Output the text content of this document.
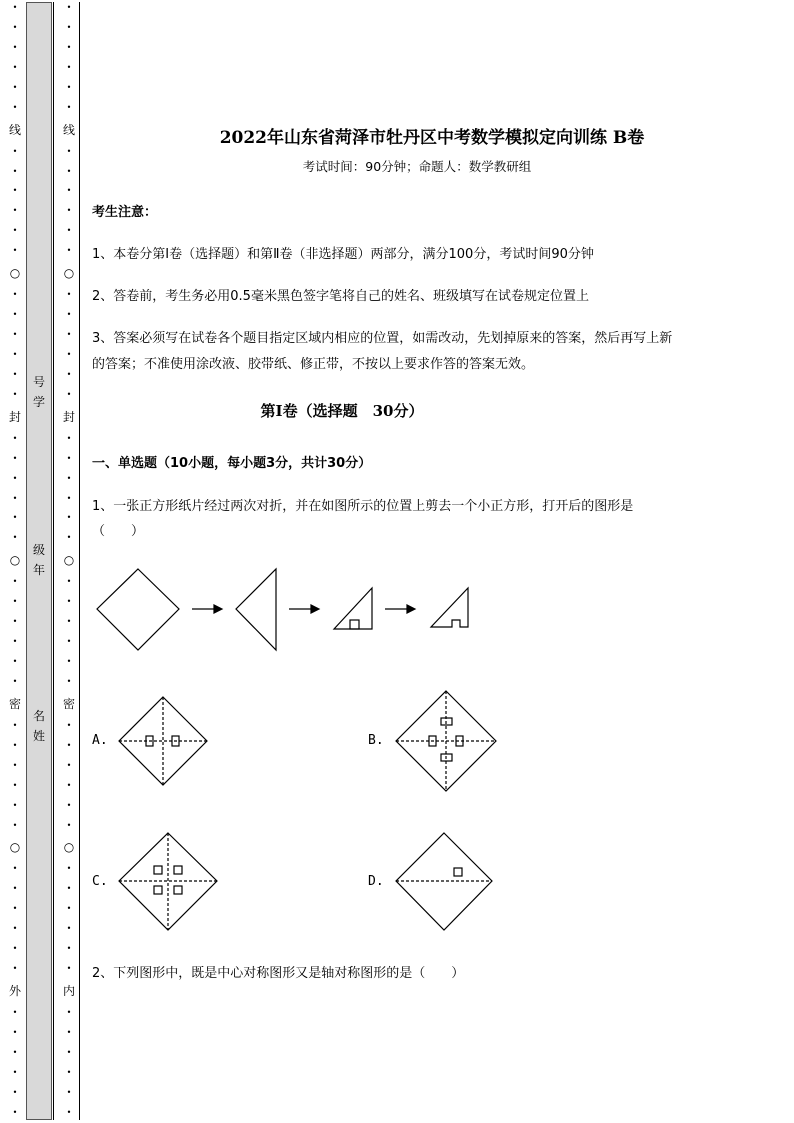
•
•
•
•
•
•
线
•
•
•
•
•
•
○
•
•
•
•
•
•
封
•
•
•
•
•
•
○
•
•
•
•
•
•
密
•
•
•
•
•
•
○
•
•
•
•
•
•
外
•
•
•
•
•
•
•
•
•
•
•
•
线
•
•
•
•
•
•
○
•
•
•
•
•
•
封
•
•
•
•
•
•
○
•
•
•
•
•
•
密
•
•
•
•
•
•
○
•
•
•
•
•
•
内
•
•
•
•
•
•
号
学
级
年
名
姓
2022年山东省菏泽市牡丹区中考数学模拟定向训练 B卷
考试时间：90分钟；命题人：数学教研组
考生注意：
1、本卷分第Ⅰ卷（选择题）和第Ⅱ卷（非选择题）两部分，满分100分，考试时间90分钟
2、答卷前，考生务必用0.5毫米黑色签字笔将自己的姓名、班级填写在试卷规定位置上
3、答案必须写在试卷各个题目指定区域内相应的位置，如需改动，先划掉原来的答案，然后再写上新
的答案；不准使用涂改液、胶带纸、修正带，不按以上要求作答的答案无效。
第Ⅰ卷（选择题　30分）
一、单选题（10小题，每小题3分，共计30分）
1、一张正方形纸片经过两次对折，并在如图所示的位置上剪去一个小正方形，打开后的图形是
（　　）
2、下列图形中，既是中心对称图形又是轴对称图形的是（　　）
A.	B.
C.	D.
